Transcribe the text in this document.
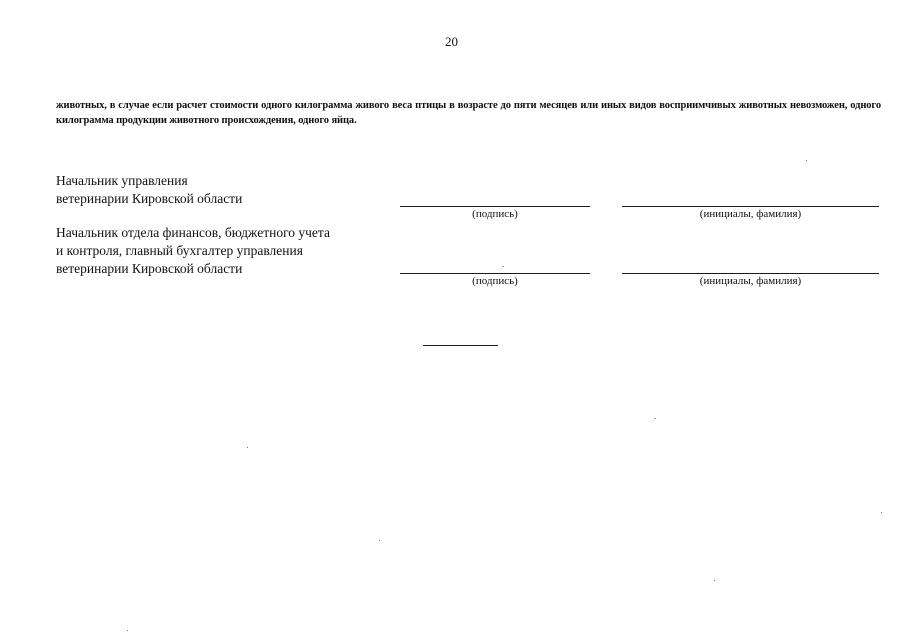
20
животных, в случае если расчет стоимости одного килограмма живого веса птицы в возрасте до пяти месяцев или иных видов восприимчивых животных невозможен, одного килограмма продукции животного происхождения, одного яйца.
Начальник управления
ветеринарии Кировской области
(подпись)	(инициалы, фамилия)
Начальник отдела финансов, бюджетного учета
и контроля, главный бухгалтер управления
ветеринарии Кировской области
(подпись)	(инициалы, фамилия)
